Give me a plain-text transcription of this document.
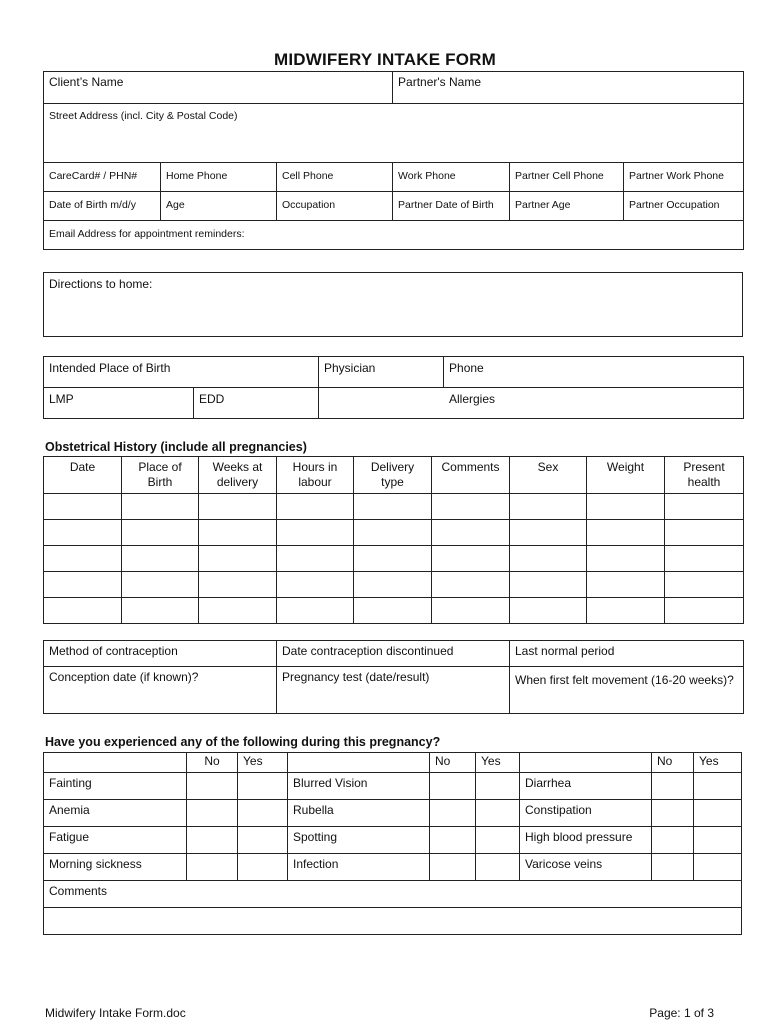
MIDWIFERY INTAKE FORM
Client’s Name			Partner's Name		
Street Address (incl. City & Postal Code)					
CareCard# / PHN#	Home Phone	Cell Phone	Work Phone	Partner Cell Phone	Partner Work Phone
Date of Birth m/d/y	Age	Occupation	Partner Date of Birth	Partner Age	Partner Occupation
Email Address for appointment reminders:					
Directions to home:
Intended Place of Birth		Physician	Phone
LMP	EDD	Allergies	
Obstetrical History (include all pregnancies)
Date	Place of Birth	Weeks at delivery	Hours in labour	Delivery type	Comments	Sex	Weight	Present health

Method of contraception	Date contraception discontinued	Last normal period
Conception date (if known)?	Pregnancy test (date/result)	When first felt movement (16-20 weeks)?
Have you experienced any of the following during this pregnancy?
	No	Yes		No	Yes		No	Yes
Fainting			Blurred Vision			Diarrhea		
Anemia			Rubella			Constipation		
Fatigue			Spotting			High blood pressure		
Morning sickness			Infection			Varicose veins		
Comments								

Midwifery Intake Form.doc	Page: 1 of 3
